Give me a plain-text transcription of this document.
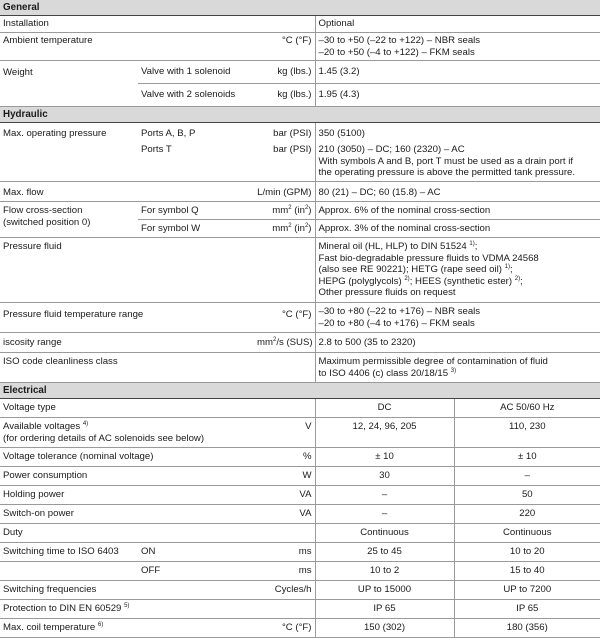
General			
Installation			Optional
Ambient temperature		°C (°F)	–30 to +50 (–22 to +122) – NBR seals
–20 to +50 (–4 to +122) – FKM seals

Weight	Valve with 1 solenoid	kg (lbs.)	1.45 (3.2)
	Valve with 2 solenoids	kg (lbs.)	1.95 (4.3)
Hydraulic			
Max. operating pressure	Ports A, B, P	bar (PSI)	350 (5100)
	Ports T	bar (PSI)	210 (3050) – DC; 160 (2320) – AC
With symbols A and B, port T must be used as a drain port if
the operating pressure is above the permitted tank pressure.

Max. flow		L/min (GPM)	80 (21) – DC; 60 (15.8) – AC

Flow cross-section
(switched position 0)	For symbol Q	$mm^2$ $(in^2)$	Approx. 6% of the nominal cross-section
	For symbol W	$mm^2$ $(in^2)$	Approx. 3% of the nominal cross-section
Pressure fluid			Mineral oil (HL, HLP) to DIN 51524 $^{1)}$;
Fast bio-degradable pressure fluids to VDMA 24568
(also see RE 90221); HETG (rape seed oil) $^{1)}$;
HEPG (polyglycols) $^{2)}$; HEES (synthetic ester) $^{2)}$;
Other pressure fluids on request

Pressure fluid temperature range		°C (°F)	–30 to +80 (–22 to +176) – NBR seals
–20 to +80 (–4 to +176) – FKM seals

iscosity range		$mm^2/s$ (SUS)	2.8 to 500 (35 to 2320)
ISO code cleanliness class			Maximum permissible degree of contamination of fluid
to ISO 4406 (c) class 20/18/15 $^{3)}$
Electrical				
Voltage type			DC	AC 50/60 Hz

Available voltages $^{4)}$
(for ordering details of AC solenoids see below)		V	12, 24, 96, 205	110, 230
Voltage tolerance (nominal voltage)		%	± 10	± 10
Power consumption		W	30	–
Holding power		VA	–	50
Switch-on power		VA	–	220
Duty			Continuous	Continuous
Switching time to ISO 6403	ON	ms	25 to 45	10 to 20
	OFF	ms	10 to 2	15 to 40
Switching frequencies		Cycles/h	UP to 15000	UP to 7200
Protection to DIN EN 60529 $^{5)}$			IP 65	IP 65
Max. coil temperature $^{6)}$		°C (°F)	150 (302)	180 (356)
